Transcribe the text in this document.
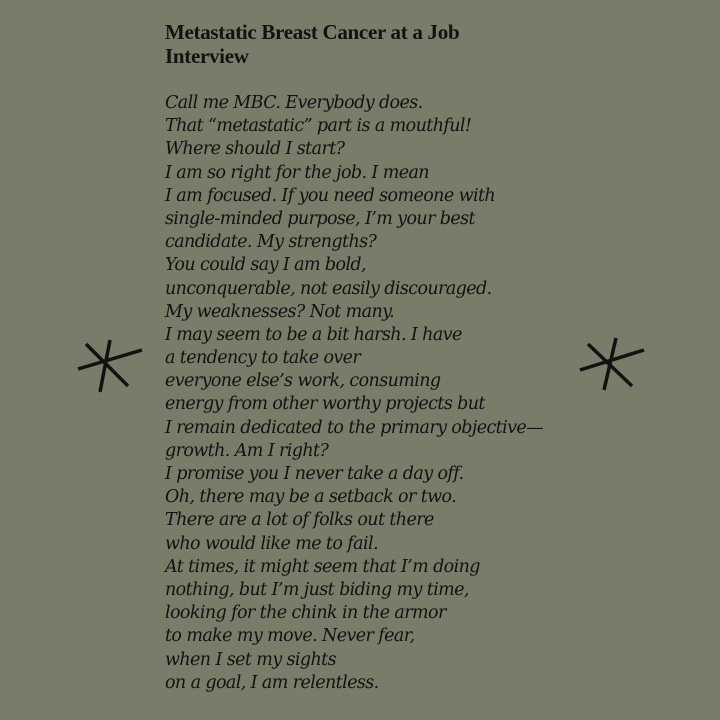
Metastatic Breast Cancer at a Job Interview
Call me MBC. Everybody does.
That “metastatic” part is a mouthful!
Where should I start?
I am so right for the job. I mean
I am focused. If you need someone with
single-minded purpose, I’m your best
candidate. My strengths?
You could say I am bold,
unconquerable, not easily discouraged.
My weaknesses? Not many.
I may seem to be a bit harsh. I have
a tendency to take over
everyone else’s work, consuming
energy from other worthy projects but
I remain dedicated to the primary objective—
growth. Am I right?
I promise you I never take a day off.
Oh, there may be a setback or two.
There are a lot of folks out there
who would like me to fail.
At times, it might seem that I’m doing
nothing, but I’m just biding my time,
looking for the chink in the armor
to make my move. Never fear,
when I set my sights
on a goal, I am relentless.
